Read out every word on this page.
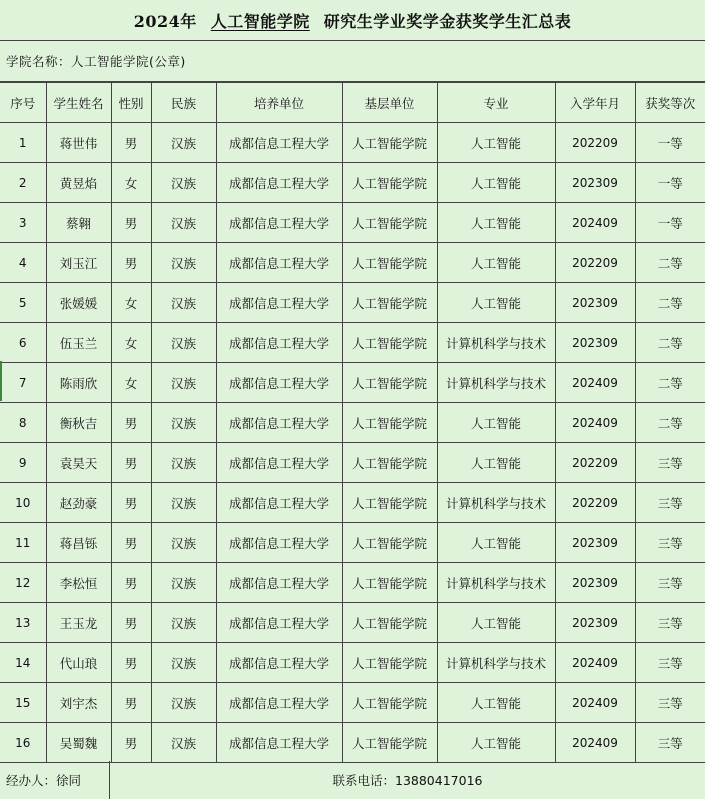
2024年 人工智能学院 研究生学业奖学金获奖学生汇总表
学院名称：人工智能学院(公章)
序号	学生姓名	性别	民族	培养单位	基层单位	专业	入学年月	获奖等次
1	蒋世伟	男	汉族	成都信息工程大学	人工智能学院	人工智能	202209	一等
2	黄昱焰	女	汉族	成都信息工程大学	人工智能学院	人工智能	202309	一等
3	蔡翱	男	汉族	成都信息工程大学	人工智能学院	人工智能	202409	一等
4	刘玉江	男	汉族	成都信息工程大学	人工智能学院	人工智能	202209	二等
5	张媛媛	女	汉族	成都信息工程大学	人工智能学院	人工智能	202309	二等
6	伍玉兰	女	汉族	成都信息工程大学	人工智能学院	计算机科学与技术	202309	二等
7	陈雨欣	女	汉族	成都信息工程大学	人工智能学院	计算机科学与技术	202409	二等
8	衡秋吉	男	汉族	成都信息工程大学	人工智能学院	人工智能	202409	二等
9	袁昊天	男	汉族	成都信息工程大学	人工智能学院	人工智能	202209	三等
10	赵劲豪	男	汉族	成都信息工程大学	人工智能学院	计算机科学与技术	202209	三等
11	蒋昌铄	男	汉族	成都信息工程大学	人工智能学院	人工智能	202309	三等
12	李松恒	男	汉族	成都信息工程大学	人工智能学院	计算机科学与技术	202309	三等
13	王玉龙	男	汉族	成都信息工程大学	人工智能学院	人工智能	202309	三等
14	代山琅	男	汉族	成都信息工程大学	人工智能学院	计算机科学与技术	202409	三等
15	刘宇杰	男	汉族	成都信息工程大学	人工智能学院	人工智能	202409	三等
16	吴蜀魏	男	汉族	成都信息工程大学	人工智能学院	人工智能	202409	三等
经办人：徐同	联系电话：13880417016
